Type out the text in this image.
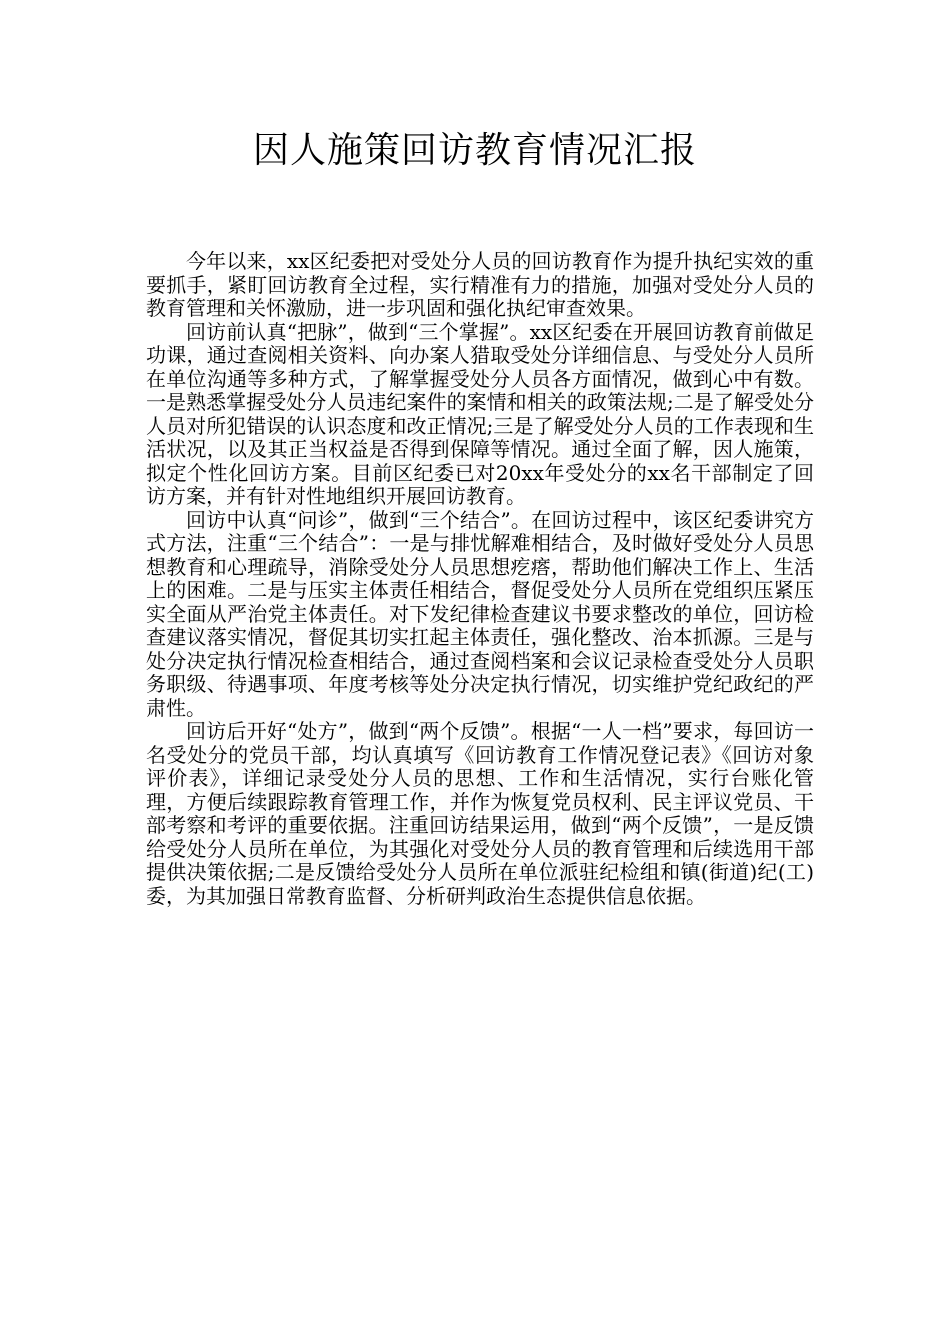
因人施策回访教育情况汇报

今年以来，xx区纪委把对受处分人员的回访教育作为提升执纪实效的重要抓手，紧盯回访教育全过程，实行精准有力的措施，加强对受处分人员的教育管理和关怀激励，进一步巩固和强化执纪审查效果。

回访前认真“把脉”，做到“三个掌握”。xx区纪委在开展回访教育前做足功课，通过查阅相关资料、向办案人猎取受处分详细信息、与受处分人员所在单位沟通等多种方式，了解掌握受处分人员各方面情况，做到心中有数。一是熟悉掌握受处分人员违纪案件的案情和相关的政策法规;二是了解受处分人员对所犯错误的认识态度和改正情况;三是了解受处分人员的工作表现和生活状况，以及其正当权益是否得到保障等情况。通过全面了解，因人施策，拟定个性化回访方案。目前区纪委已对20xx年受处分的xx名干部制定了回访方案，并有针对性地组织开展回访教育。

回访中认真“问诊”，做到“三个结合”。在回访过程中，该区纪委讲究方式方法，注重“三个结合”：一是与排忧解难相结合，及时做好受处分人员思想教育和心理疏导，消除受处分人员思想疙瘩，帮助他们解决工作上、生活上的困难。二是与压实主体责任相结合，督促受处分人员所在党组织压紧压实全面从严治党主体责任。对下发纪律检查建议书要求整改的单位，回访检查建议落实情况，督促其切实扛起主体责任，强化整改、治本抓源。三是与处分决定执行情况检查相结合，通过查阅档案和会议记录检查受处分人员职务职级、待遇事项、年度考核等处分决定执行情况，切实维护党纪政纪的严肃性。

回访后开好“处方”，做到“两个反馈”。根据“一人一档”要求，每回访一名受处分的党员干部，均认真填写《回访教育工作情况登记表》《回访对象评价表》，详细记录受处分人员的思想、工作和生活情况，实行台账化管理，方便后续跟踪教育管理工作，并作为恢复党员权利、民主评议党员、干部考察和考评的重要依据。注重回访结果运用，做到“两个反馈”，一是反馈给受处分人员所在单位，为其强化对受处分人员的教育管理和后续选用干部提供决策依据;二是反馈给受处分人员所在单位派驻纪检组和镇(街道)纪(工)委，为其加强日常教育监督、分析研判政治生态提供信息依据。
